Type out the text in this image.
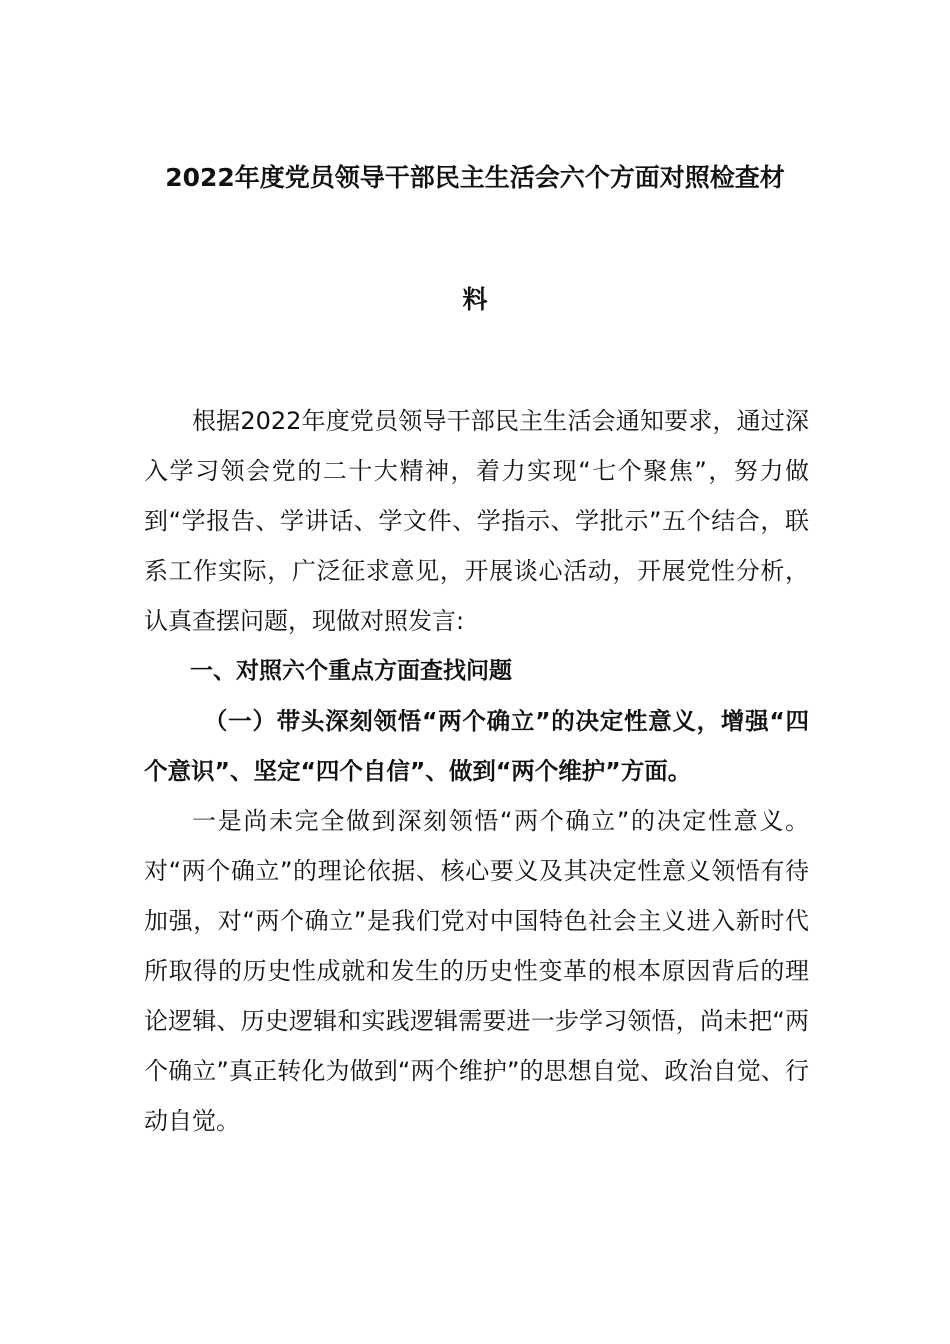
2022年度党员领导干部民主生活会六个方面对照检查材
料

根据2022年度党员领导干部民主生活会通知要求，通过深入学习领会党的二十大精神，着力实现“七个聚焦”，努力做到“学报告、学讲话、学文件、学指示、学批示”五个结合，联系工作实际，广泛征求意见，开展谈心活动，开展党性分析，认真查摆问题，现做对照发言:

一、对照六个重点方面查找问题

（一）带头深刻领悟“两个确立”的决定性意义，增强“四个意识”、坚定“四个自信”、做到“两个维护”方面。

一是尚未完全做到深刻领悟“两个确立”的决定性意义。对“两个确立”的理论依据、核心要义及其决定性意义领悟有待加强，对“两个确立”是我们党对中国特色社会主义进入新时代所取得的历史性成就和发生的历史性变革的根本原因背后的理论逻辑、历史逻辑和实践逻辑需要进一步学习领悟，尚未把“两个确立”真正转化为做到“两个维护”的思想自觉、政治自觉、行动自觉。
